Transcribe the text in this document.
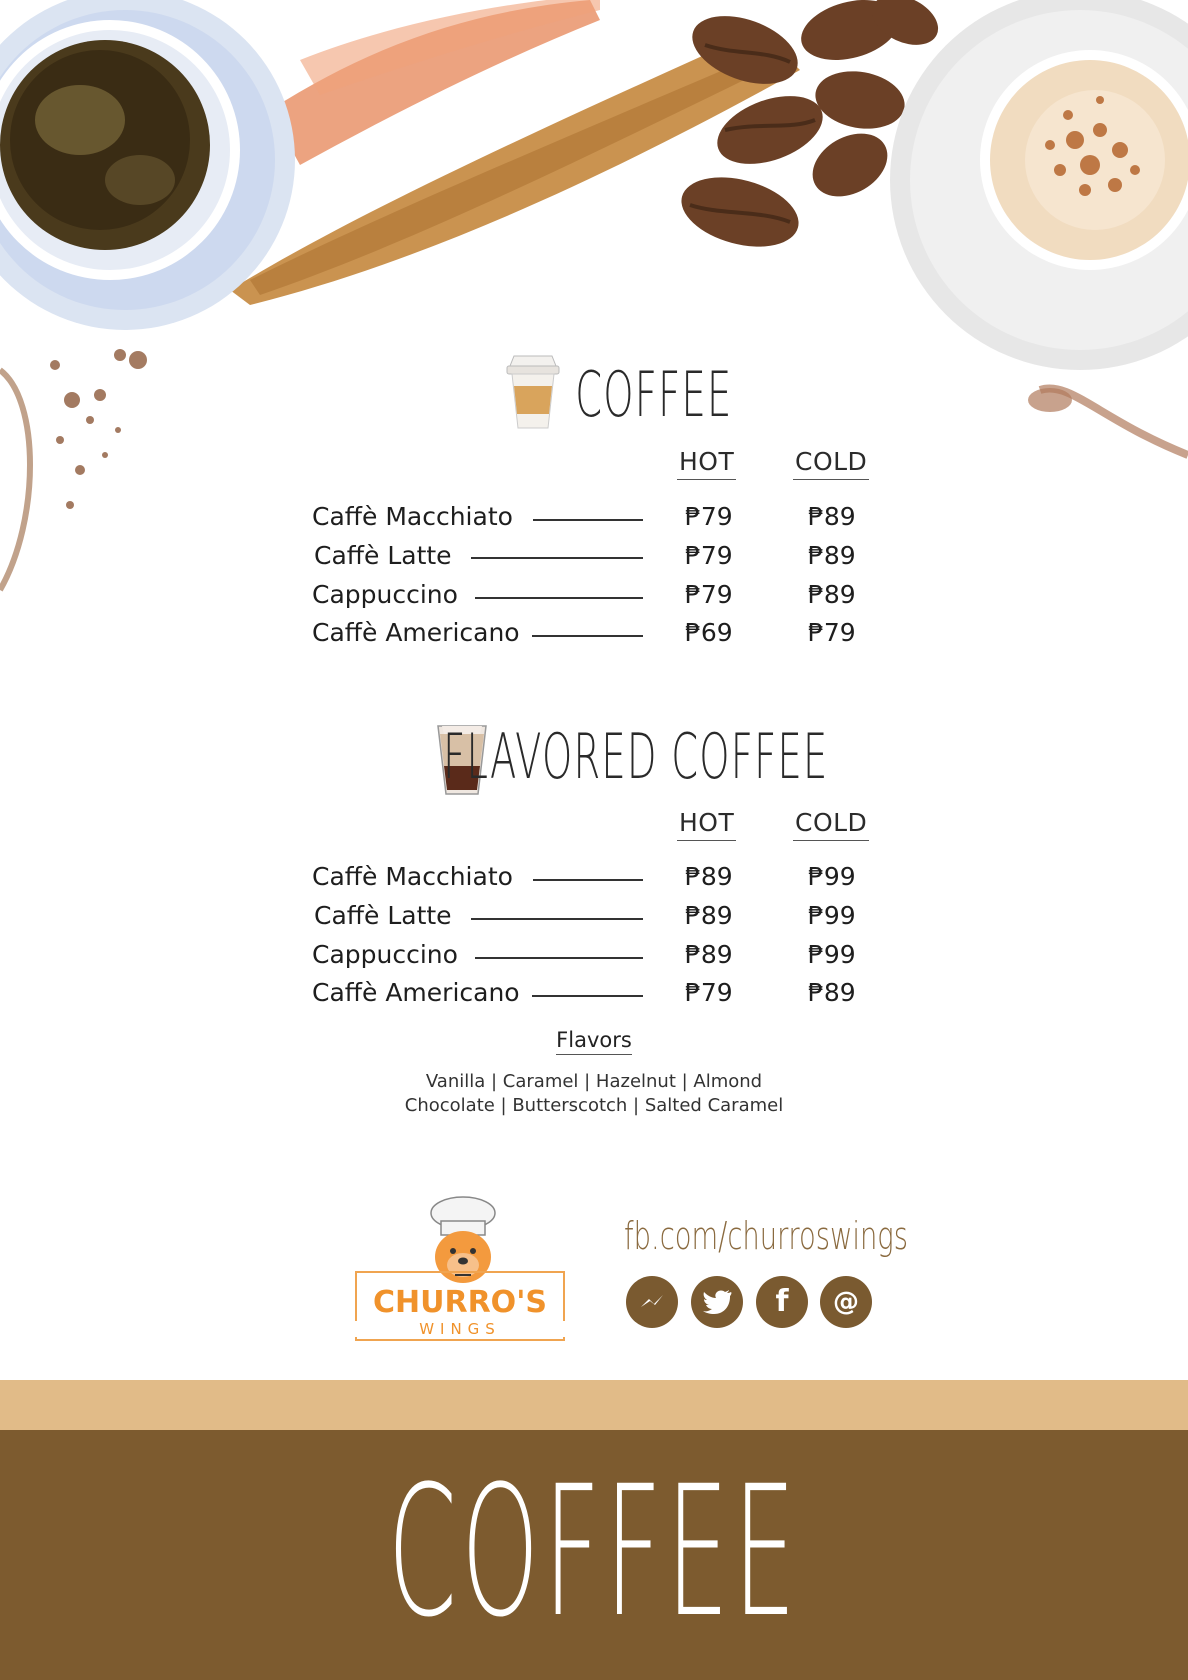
COFFEE
HOT COLD
Caffè Macchiato	₱79	₱89
Caffè Latte	₱79	₱89
Cappuccino	₱79	₱89
Caffè Americano	₱69	₱79
FLAVORED COFFEE
HOT COLD
Caffè Macchiato	₱89	₱99
Caffè Latte	₱89	₱99
Cappuccino	₱89	₱99
Caffè Americano	₱79	₱89
Flavors
Vanilla | Caramel | Hazelnut | Almond
Chocolate | Butterscotch | Salted Caramel
CHURRO'S
WINGS
fb.com/churroswings
f @
COFFEE
